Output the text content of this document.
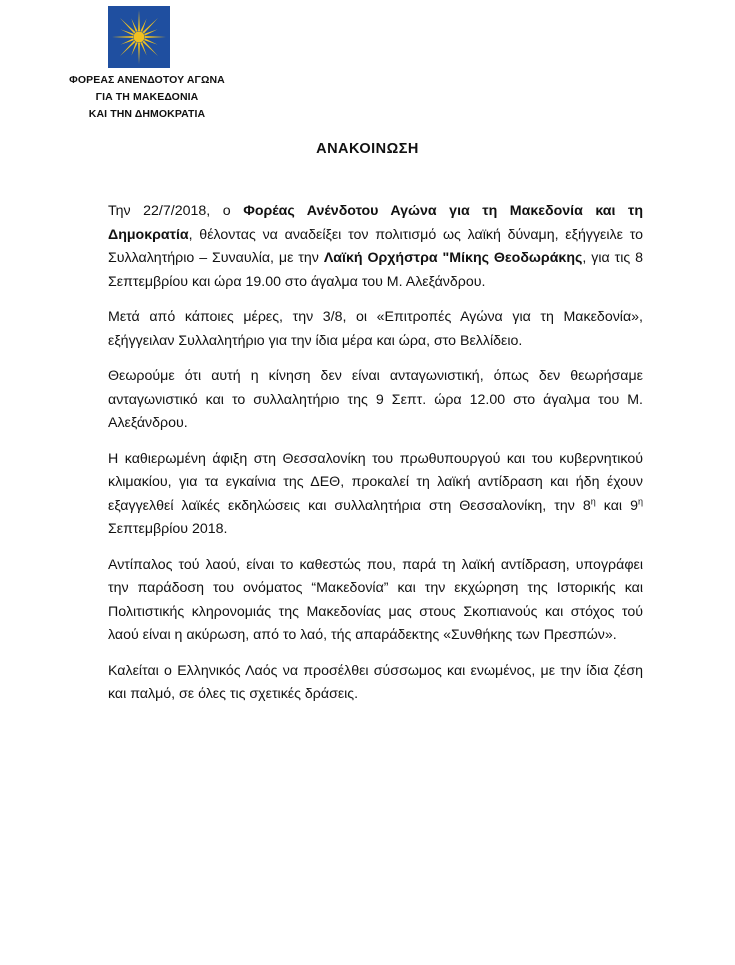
ΦΟΡΕΑΣ ΑΝΕΝΔΟΤΟΥ ΑΓΩΝΑ
ΓΙΑ ΤΗ ΜΑΚΕΔΟΝΙΑ
ΚΑΙ ΤΗΝ ΔΗΜΟΚΡΑΤΙΑ
ΑΝΑΚΟΙΝΩΣΗ

Την 22/7/2018, ο Φορέας Ανένδοτου Αγώνα για τη Μακεδονία και τη Δημοκρατία, θέλοντας να αναδείξει τον πολιτισμό ως λαϊκή δύναμη, εξήγγειλε το Συλλαλητήριο – Συναυλία, με την Λαϊκή Ορχήστρα "Μίκης Θεοδωράκης, για τις 8 Σεπτεμβρίου και ώρα 19.00 στο άγαλμα του Μ. Αλεξάνδρου.

Μετά από κάποιες μέρες, την 3/8, οι «Επιτροπές Αγώνα για τη Μακεδονία», εξήγγειλαν Συλλαλητήριο για την ίδια μέρα και ώρα, στο Βελλίδειο.

Θεωρούμε ότι αυτή η κίνηση δεν είναι ανταγωνιστική, όπως δεν θεωρήσαμε ανταγωνιστικό και το συλλαλητήριο της 9 Σεπτ. ώρα 12.00 στο άγαλμα του Μ. Αλεξάνδρου.

Η καθιερωμένη άφιξη στη Θεσσαλονίκη του πρωθυπουργού και του κυβερνητικού κλιμακίου, για τα εγκαίνια της ΔΕΘ, προκαλεί τη λαϊκή αντίδραση και ήδη έχουν εξαγγελθεί λαϊκές εκδηλώσεις και συλλαλητήρια στη Θεσσαλονίκη, την $8^\eta$ και $9^\eta$ Σεπτεμβρίου 2018.

Αντίπαλος τού λαού, είναι το καθεστώς που, παρά τη λαϊκή αντίδραση, υπογράφει την παράδοση του ονόματος “Μακεδονία” και την εκχώρηση της Ιστορικής και Πολιτιστικής κληρονομιάς της Μακεδονίας μας στους Σκοπιανούς και στόχος τού λαού είναι η ακύρωση, από το λαό, τής απαράδεκτης «Συνθήκης των Πρεσπών».

Καλείται ο Ελληνικός Λαός να προσέλθει σύσσωμος και ενωμένος, με την ίδια ζέση και παλμό, σε όλες τις σχετικές δράσεις.
